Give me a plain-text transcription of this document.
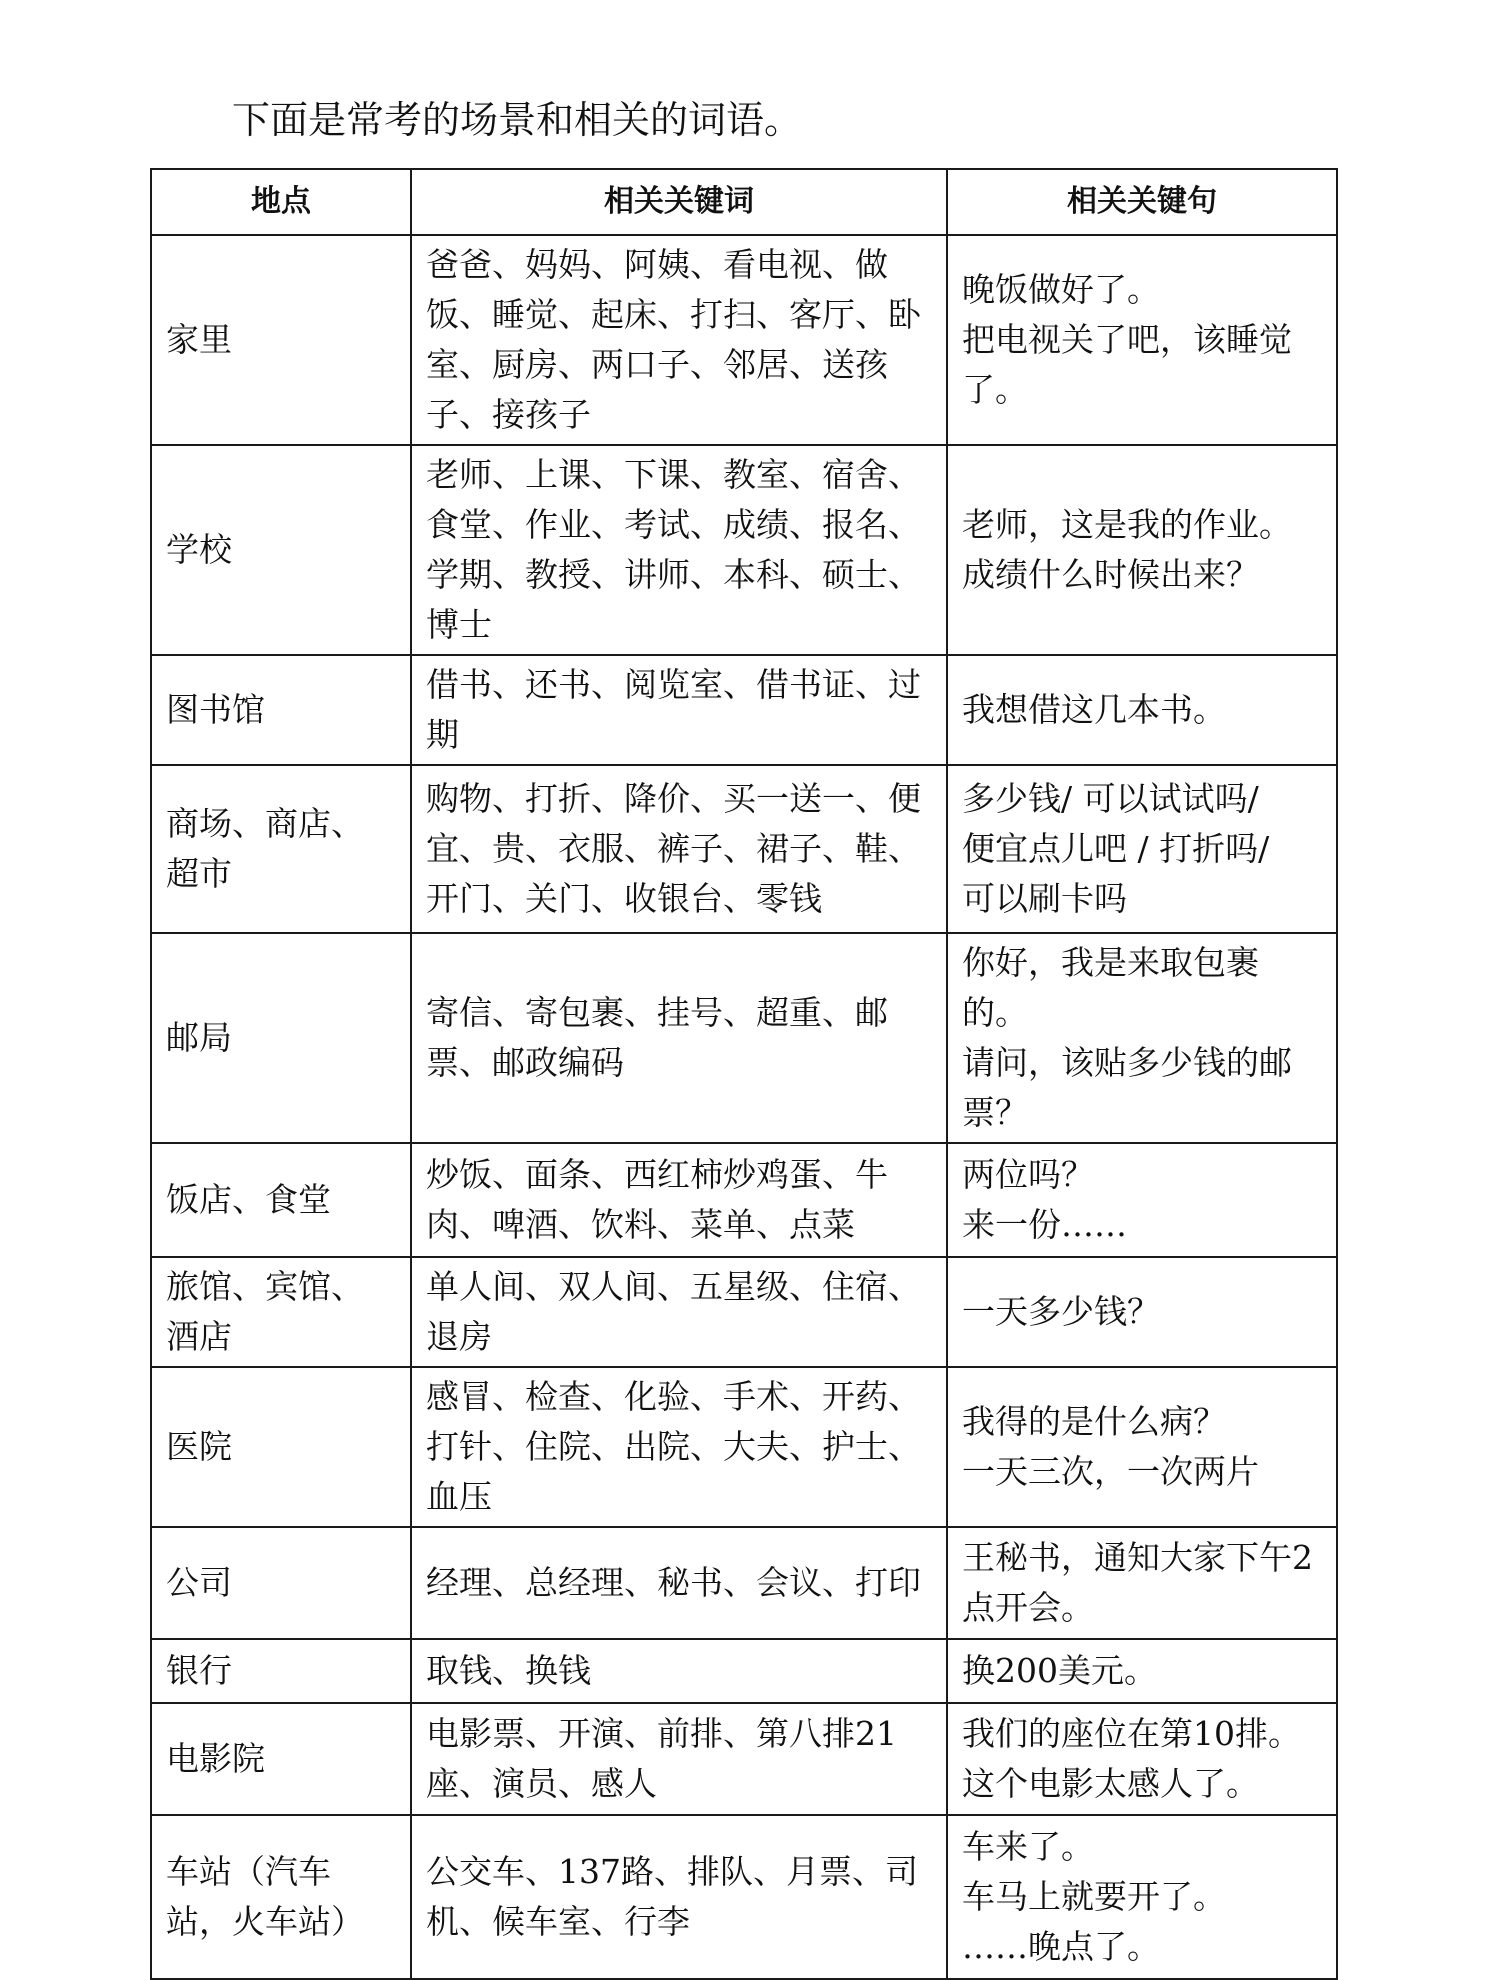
下面是常考的场景和相关的词语。

地点	相关关键词	相关关键句
家里	爸爸、妈妈、阿姨、看电视、做饭、睡觉、起床、打扫、客厅、卧室、厨房、两口子、邻居、送孩子、接孩子	晚饭做好了。
把电视关了吧，该睡觉了。

学校	老师、上课、下课、教室、宿舍、食堂、作业、考试、成绩、报名、学期、教授、讲师、本科、硕士、博士	老师，这是我的作业。
成绩什么时候出来？

图书馆	借书、还书、阅览室、借书证、过期	我想借这几本书。

商场、商店、超市	购物、打折、降价、买一送一、便宜、贵、衣服、裤子、裙子、鞋、开门、关门、收银台、零钱	多少钱/ 可以试试吗/
便宜点儿吧 / 打折吗/
可以刷卡吗

邮局	寄信、寄包裹、挂号、超重、邮票、邮政编码	你好，我是来取包裹的。
请问，该贴多少钱的邮票？

饭店、食堂	炒饭、面条、西红柿炒鸡蛋、牛肉、啤酒、饮料、菜单、点菜	两位吗？
来一份……

旅馆、宾馆、酒店	单人间、双人间、五星级、住宿、退房	一天多少钱？

医院	感冒、检查、化验、手术、开药、打针、住院、出院、大夫、护士、血压	我得的是什么病？
一天三次，一次两片

公司	经理、总经理、秘书、会议、打印	王秘书，通知大家下午2点开会。

银行	取钱、换钱	换200美元。

电影院	电影票、开演、前排、第八排21座、演员、感人	我们的座位在第10排。
这个电影太感人了。

车站（汽车站，火车站）	公交车、137路、排队、月票、司机、候车室、行李	车来了。
车马上就要开了。
……晚点了。
